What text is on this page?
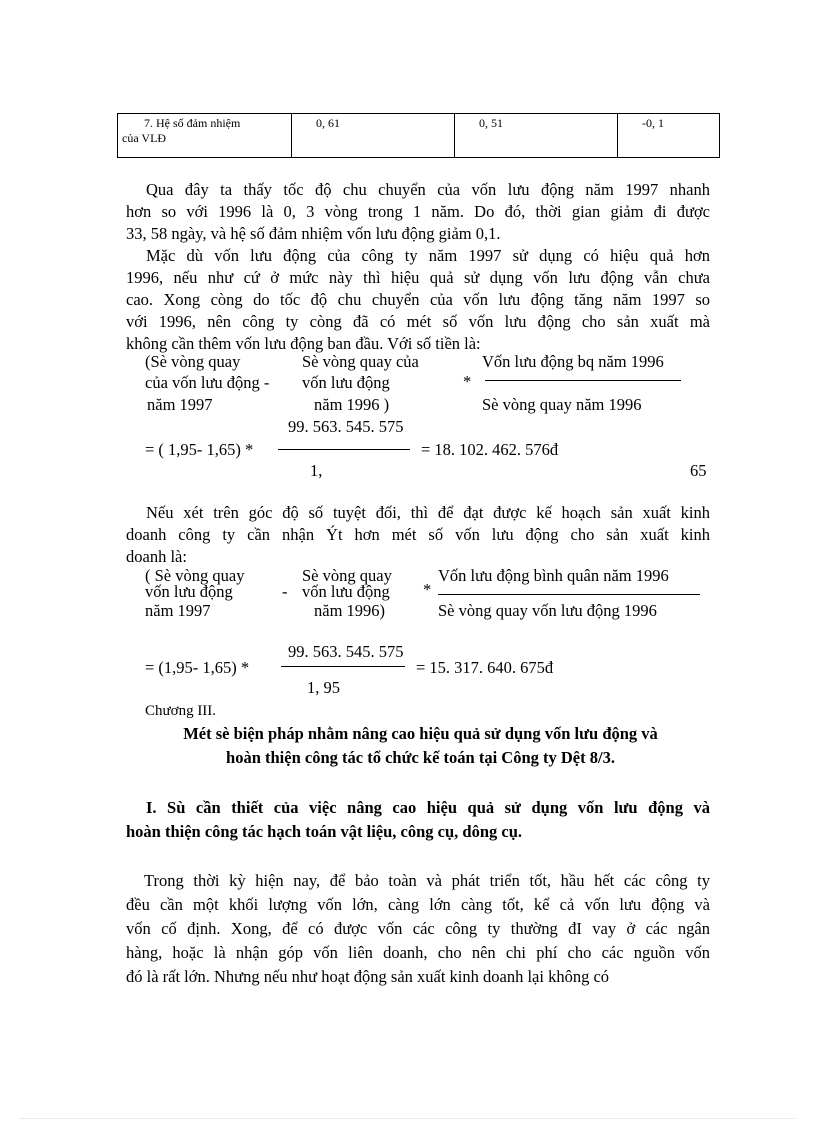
7. Hệ số đảm nhiệm
của VLĐ
	0, 61	0, 51	-0, 1
Qua đây ta thấy tốc độ chu chuyển của vốn lưu động năm 1997 nhanh
hơn so với 1996 là 0, 3 vòng trong 1 năm. Do đó, thời gian giảm đi được
33, 58 ngày, và hệ số đảm nhiệm vốn lưu động giảm 0,1.
Mặc dù vốn lưu động của công ty năm 1997 sử dụng có hiệu quả hơn
1996, nếu như cứ ở mức này thì hiệu quả sử dụng vốn lưu động vẫn chưa
cao. Xong còng do tốc độ chu chuyển của vốn lưu động tăng năm 1997 so
với 1996, nên công ty còng đã có mét số vốn lưu động cho sản xuất mà
không cần thêm vốn lưu động ban đầu. Với số tiền là:
(Sè vòng quay
của vốn lưu động -
năm 1997
Sè vòng quay của
vốn lưu động
năm 1996 )
*
Vốn lưu động bq năm 1996
Sè vòng quay năm 1996
99. 563. 545. 575
= ( 1,95- 1,65) *	= 18. 102. 462. 576đ
1,	65
Nếu xét trên góc độ số tuyệt đối, thì để đạt được kế hoạch sản xuất kinh
doanh công ty cần nhận Ýt hơn mét số vốn lưu động cho sản xuất kinh
doanh là:
( Sè vòng quay
vốn lưu động
năm 1997
-
Sè vòng quay
vốn lưu động
năm 1996)
*
Vốn lưu động bình quân năm 1996
Sè vòng quay vốn lưu động 1996
99. 563. 545. 575
= (1,95- 1,65) *	= 15. 317. 640. 675đ
1, 95
Chương III.
Mét sè biện pháp nhằm nâng cao hiệu quả sử dụng vốn lưu động và
hoàn thiện công tác tổ chức kế toán tại Công ty Dệt 8/3.
I. Sù cần thiết của việc nâng cao hiệu quả sử dụng vốn lưu động và
hoàn thiện công tác hạch toán vật liệu, công cụ, dông cụ.
Trong thời kỳ hiện nay, để bảo toàn và phát triển tốt, hầu hết các công ty
đều cần một khối lượng vốn lớn, càng lớn càng tốt, kể cả vốn lưu động và
vốn cố định. Xong, để có được vốn các công ty thường đI vay ở các ngân
hàng, hoặc là nhận góp vốn liên doanh, cho nên chi phí cho các nguồn vốn
đó là rất lớn. Nhưng nếu như hoạt động sản xuất kinh doanh lại không có
